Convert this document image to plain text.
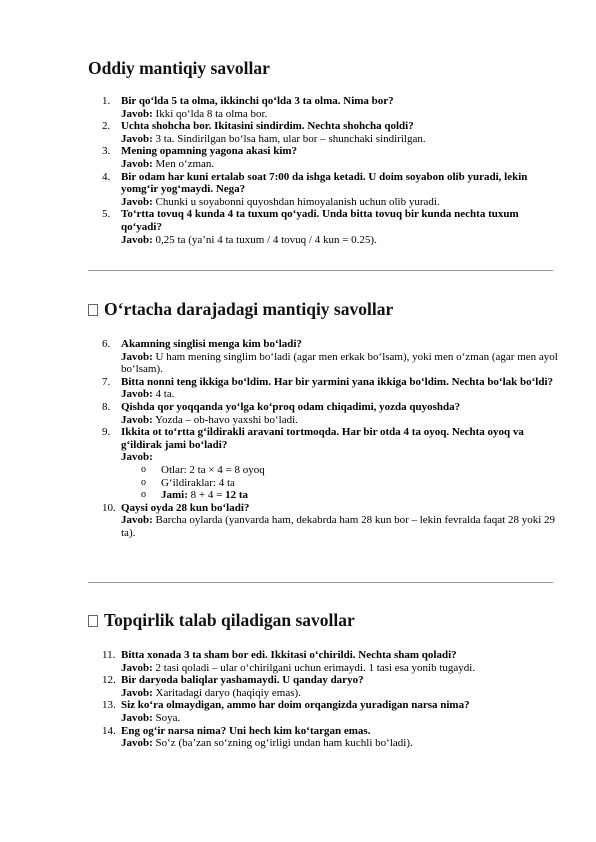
Oddiy mantiqiy savollar
1. Bir qo‘lda 5 ta olma, ikkinchi qo‘lda 3 ta olma. Nima bor?
Javob: Ikki qo‘lda 8 ta olma bor.
2. Uchta shohcha bor. Ikitasini sindirdim. Nechta shohcha qoldi?
Javob: 3 ta. Sindirilgan bo‘lsa ham, ular bor – shunchaki sindirilgan.
3. Mening opamning yagona akasi kim?
Javob: Men o‘zman.
4. Bir odam har kuni ertalab soat 7:00 da ishga ketadi. U doim soyabon olib yuradi, lekin yomg‘ir yog‘maydi. Nega?
Javob: Chunki u soyabonni quyoshdan himoyalanish uchun olib yuradi.
5. To‘rtta tovuq 4 kunda 4 ta tuxum qo‘yadi. Unda bitta tovuq bir kunda nechta tuxum qo‘yadi?
Javob: 0,25 ta (ya’ni 4 ta tuxum / 4 tovuq / 4 kun = 0.25).
O‘rtacha darajadagi mantiqiy savollar
6. Akamning singlisi menga kim bo‘ladi?
Javob: U ham mening singlim bo‘ladi (agar men erkak bo‘lsam), yoki men o‘zman (agar men ayol bo‘lsam).
7. Bitta nonni teng ikkiga bo‘ldim. Har bir yarmini yana ikkiga bo‘ldim. Nechta bo‘lak bo‘ldi?
Javob: 4 ta.
8. Qishda qor yoqqanda yo‘lga ko‘proq odam chiqadimi, yozda quyoshda?
Javob: Yozda – ob-havo yaxshi bo‘ladi.
9. Ikkita ot to‘rtta g‘ildirakli aravani tortmoqda. Har bir otda 4 ta oyoq. Nechta oyoq va g‘ildirak jami bo‘ladi?
Javob:
o Otlar: 2 ta × 4 = 8 oyoq
o G‘ildiraklar: 4 ta
o Jami: 8 + 4 = 12 ta
10. Qaysi oyda 28 kun bo‘ladi?
Javob: Barcha oylarda (yanvarda ham, dekabrda ham 28 kun bor – lekin fevralda faqat 28 yoki 29 ta).
Topqirlik talab qiladigan savollar
11. Bitta xonada 3 ta sham bor edi. Ikkitasi o‘chirildi. Nechta sham qoladi?
Javob: 2 tasi qoladi – ular o‘chirilgani uchun erimaydi. 1 tasi esa yonib tugaydi.
12. Bir daryoda baliqlar yashamaydi. U qanday daryo?
Javob: Xaritadagi daryo (haqiqiy emas).
13. Siz ko‘ra olmaydigan, ammo har doim orqangizda yuradigan narsa nima?
Javob: Soya.
14. Eng og‘ir narsa nima? Uni hech kim ko‘targan emas.
Javob: So‘z (ba’zan so‘zning og‘irligi undan ham kuchli bo‘ladi).
